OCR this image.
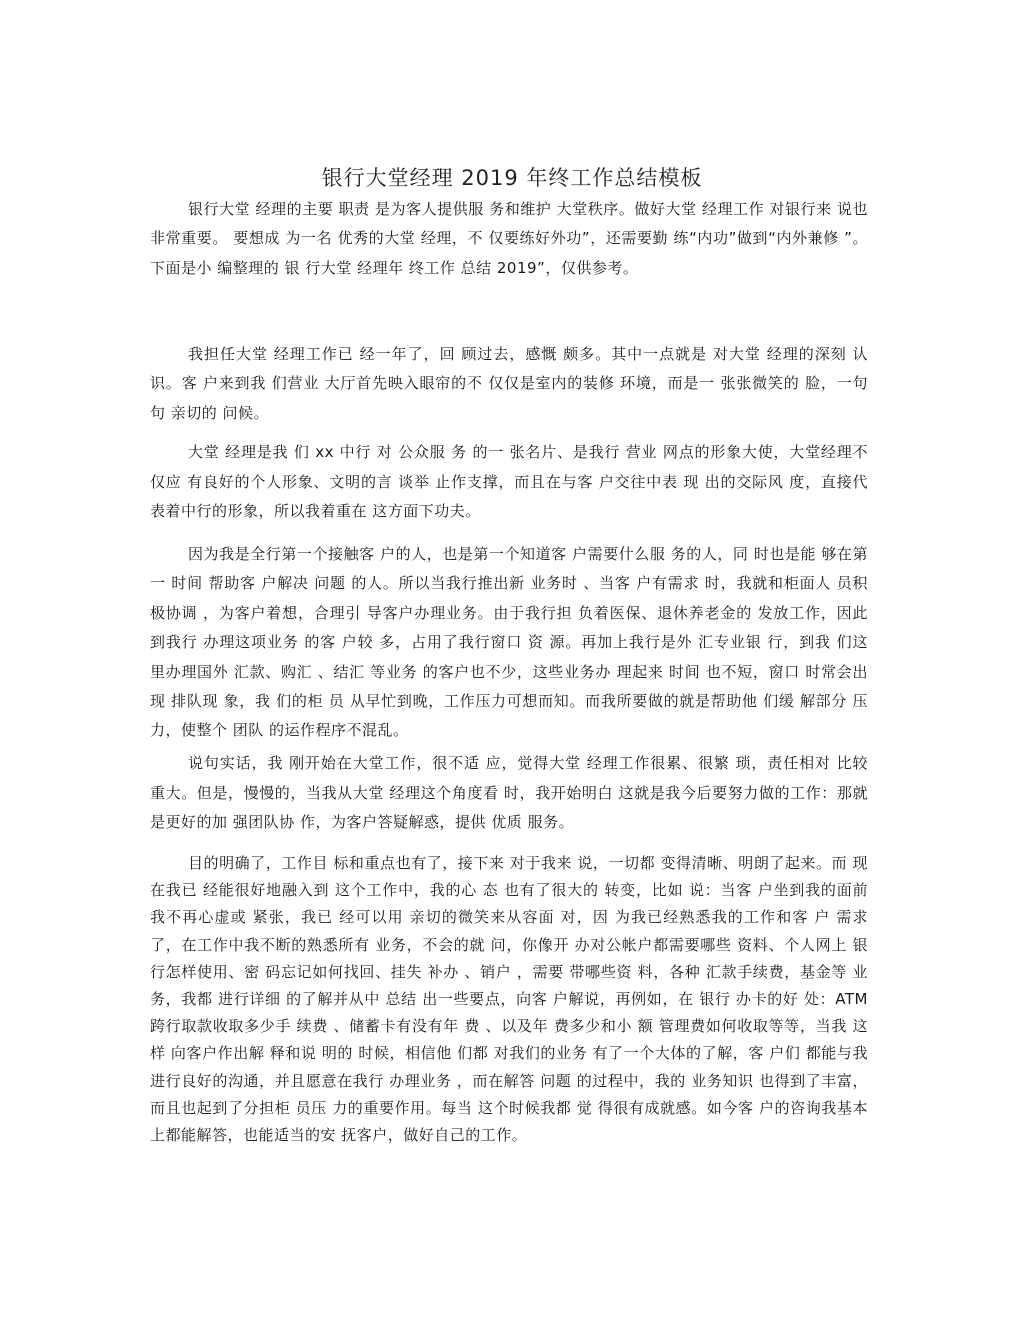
银行大堂经理 2019 年终工作总结模板

银行大堂 经理的主要 职责 是为客人提供服 务和维护 大堂秩序。做好大堂 经理工作 对银行来 说也非常重要。 要想成 为一名 优秀的大堂 经理，不 仅要练好外功”，还需要勤 练“内功”做到“内外兼修 ”。下面是小 编整理的 银 行大堂 经理年 终工作 总结 2019”，仅供参考。

我担任大堂 经理工作已 经一年了，回 顾过去，感慨 颇多。其中一点就是 对大堂 经理的深刻 认识。客 户来到我 们营业 大厅首先映入眼帘的不 仅仅是室内的装修 环境，而是一 张张微笑的 脸，一句句 亲切的 问候。

大堂 经理是我 们 xx 中行 对 公众服 务 的一 张名片、是我行 营业 网点的形象大使，大堂经理不 仅应 有良好的个人形象、文明的言 谈举 止作支撑，而且在与客 户交往中表 现 出的交际风 度，直接代表着中行的形象，所以我着重在 这方面下功夫。

因为我是全行第一个接触客 户的人，也是第一个知道客 户需要什么服 务的人，同 时也是能 够在第一 时间 帮助客 户解决 问题 的人。所以当我行推出新 业务时 、当客 户有需求 时，我就和柜面人 员积 极协调 ，为客户着想，合理引 导客户办理业务。由于我行担 负着医保、退休养老金的 发放工作，因此到我行 办理这项业务 的客 户较 多，占用了我行窗口 资 源。再加上我行是外 汇专业银 行，到我 们这 里办理国外 汇款、购汇 、结汇 等业务 的客户也不少，这些业务办 理起来 时间 也不短，窗口 时常会出 现 排队现 象，我 们的柜 员 从早忙到晚，工作压力可想而知。而我所要做的就是帮助他 们缓 解部分 压力，使整个 团队 的运作程序不混乱。

说句实话，我 刚开始在大堂工作，很不适 应，觉得大堂 经理工作很累、很繁 琐，责任相对 比较 重大。但是，慢慢的，当我从大堂 经理这个角度看 时，我开始明白 这就是我今后要努力做的工作：那就是更好的加 强团队协 作，为客户答疑解惑，提供 优质 服务。

目的明确了，工作目 标和重点也有了，接下来 对于我来 说，一切都 变得清晰、明朗了起来。而 现在我已 经能很好地融入到 这个工作中，我的心 态 也有了很大的 转变，比如 说：当客 户坐到我的面前我不再心虚或 紧张，我已 经可以用 亲切的微笑来从容面 对，因 为我已经熟悉我的工作和客 户 需求了，在工作中我不断的熟悉所有 业务，不会的就 问，你像开 办对公帐户都需要哪些 资料、个人网上 银行怎样使用、密 码忘记如何找回、挂失 补办 、销户 ，需要 带哪些资 料，各种 汇款手续费，基金等 业务，我都 进行详细 的了解并从中 总结 出一些要点，向客 户解说，再例如，在 银行 办卡的好 处：ATM 跨行取款收取多少手 续费 、储蓄卡有没有年 费 、以及年 费多少和小 额 管理费如何收取等等，当我 这样 向客户作出解 释和说 明的 时候，相信他 们都 对我们的业务 有了一个大体的了解，客 户们 都能与我 进行良好的沟通，并且愿意在我行 办理业务 ，而在解答 问题 的过程中，我的 业务知识 也得到了丰富，而且也起到了分担柜 员压 力的重要作用。每当 这个时候我都 觉 得很有成就感。如今客 户的咨询我基本上都能解答，也能适当的安 抚客户，做好自己的工作。
